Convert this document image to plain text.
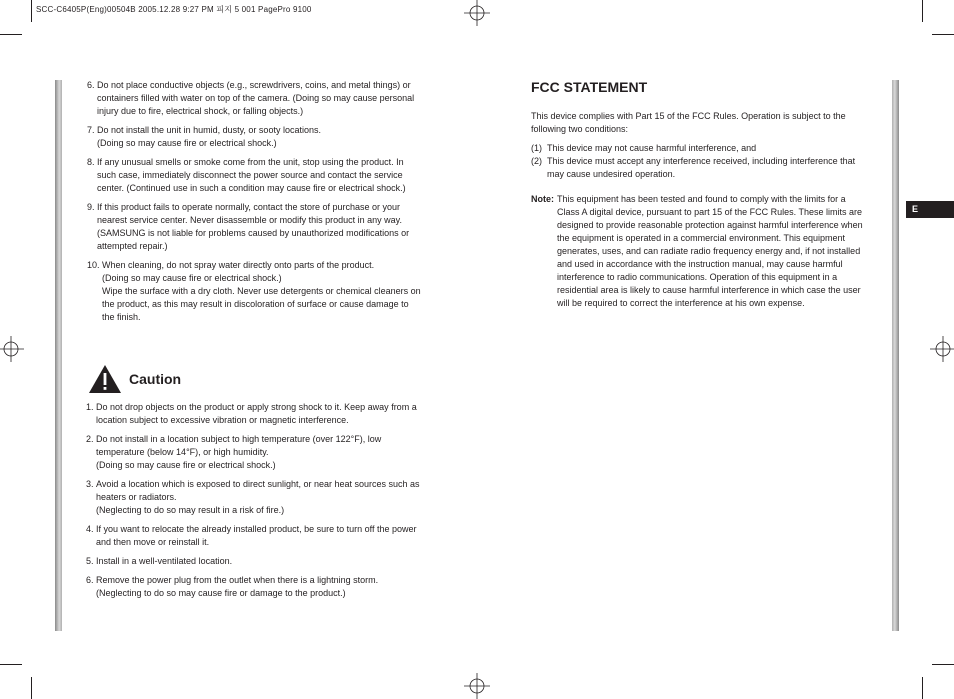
SCC-C6405P(Eng)00504B 2005.12.28 9:27 PM 피지 5 001 PagePro 9100
E
6. Do not place conductive objects (e.g., screwdrivers, coins, and metal things) or containers filled with water on top of the camera. (Doing so may cause personal injury due to fire, electrical shock, or falling objects.)
7. Do not install the unit in humid, dusty, or sooty locations.
(Doing so may cause fire or electrical shock.)
8. If any unusual smells or smoke come from the unit, stop using the product. In such case, immediately disconnect the power source and contact the service center. (Continued use in such a condition may cause fire or electrical shock.)
9. If this product fails to operate normally, contact the store of purchase or your nearest service center. Never disassemble or modify this product in any way. (SAMSUNG is not liable for problems caused by unauthorized modifications or attempted repair.)
10. When cleaning, do not spray water directly onto parts of the product.
(Doing so may cause fire or electrical shock.)
Wipe the surface with a dry cloth. Never use detergents or chemical cleaners on the product, as this may result in discoloration of surface or cause damage to the finish.
Caution
1. Do not drop objects on the product or apply strong shock to it. Keep away from a location subject to excessive vibration or magnetic interference.
2. Do not install in a location subject to high temperature (over 122°F), low temperature (below 14°F), or high humidity.
(Doing so may cause fire or electrical shock.)
3. Avoid a location which is exposed to direct sunlight, or near heat sources such as heaters or radiators.
(Neglecting to do so may result in a risk of fire.)
4. If you want to relocate the already installed product, be sure to turn off the power and then move or reinstall it.
5. Install in a well-ventilated location.
6. Remove the power plug from the outlet when there is a lightning storm.
(Neglecting to do so may cause fire or damage to the product.)
FCC STATEMENT
This device complies with Part 15 of the FCC Rules. Operation is subject to the following two conditions:
(1) This device may not cause harmful interference, and
(2) This device must accept any interference received, including interference that may cause undesired operation.
Note: This equipment has been tested and found to comply with the limits for a Class A digital device, pursuant to part 15 of the FCC Rules. These limits are designed to provide reasonable protection against harmful interference when the equipment is operated in a commercial environment. This equipment generates, uses, and can radiate radio frequency energy and, if not installed and used in accordance with the instruction manual, may cause harmful interference to radio communications. Operation of this equipment in a residential area is likely to cause harmful interference in which case the user will be required to correct the interference at his own expense.
